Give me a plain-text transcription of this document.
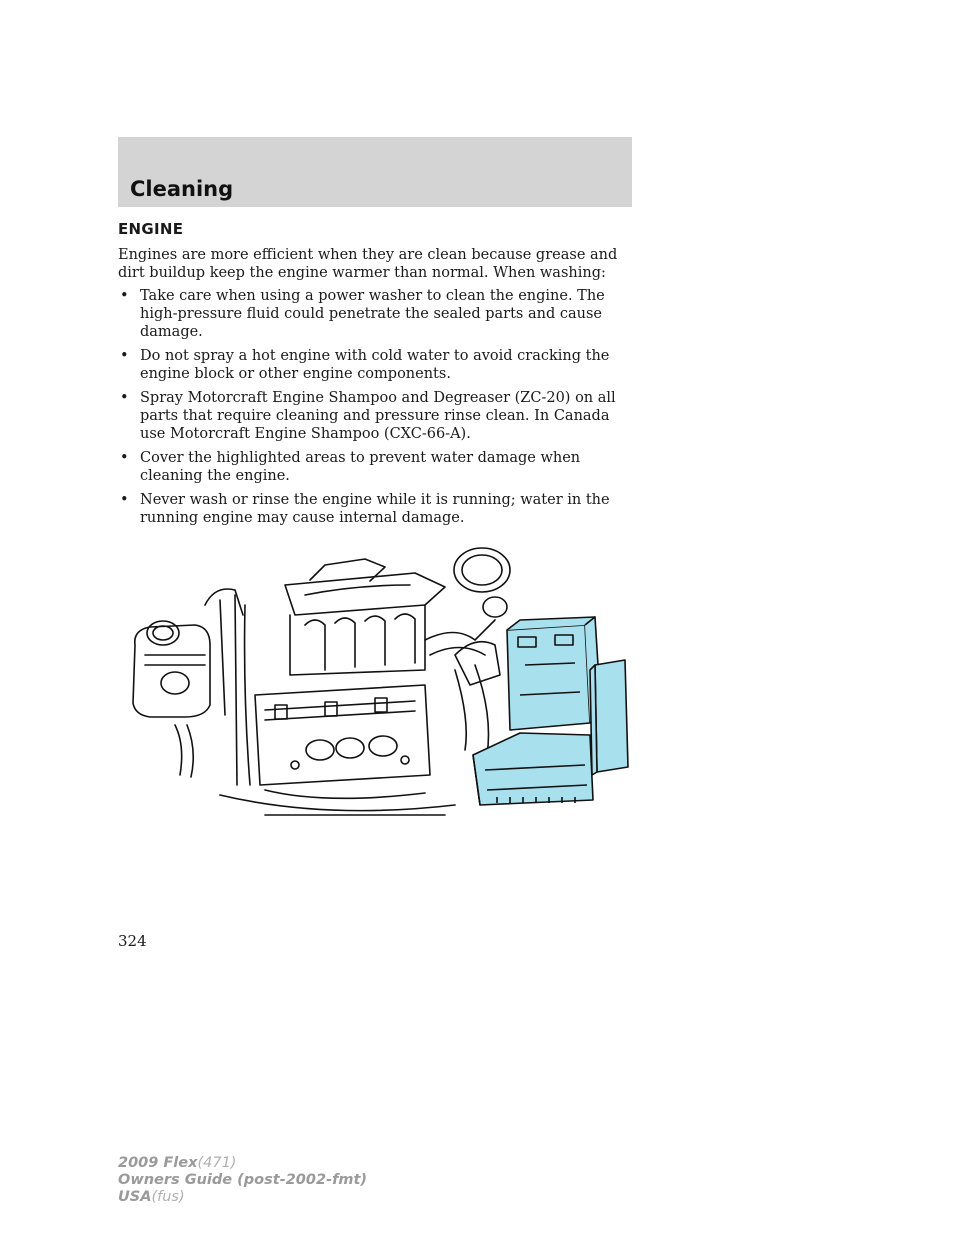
Cleaning
ENGINE

Engines are more efficient when they are clean because grease and dirt buildup keep the engine warmer than normal. When washing:

• Take care when using a power washer to clean the engine. The high-pressure fluid could penetrate the sealed parts and cause damage.
• Do not spray a hot engine with cold water to avoid cracking the engine block or other engine components.
• Spray Motorcraft Engine Shampoo and Degreaser (ZC-20) on all parts that require cleaning and pressure rinse clean. In Canada use Motorcraft Engine Shampoo (CXC-66-A).
• Cover the highlighted areas to prevent water damage when cleaning the engine.
• Never wash or rinse the engine while it is running; water in the running engine may cause internal damage.
324
2009 Flex(471)
Owners Guide (post-2002-fmt)
USA(fus)
